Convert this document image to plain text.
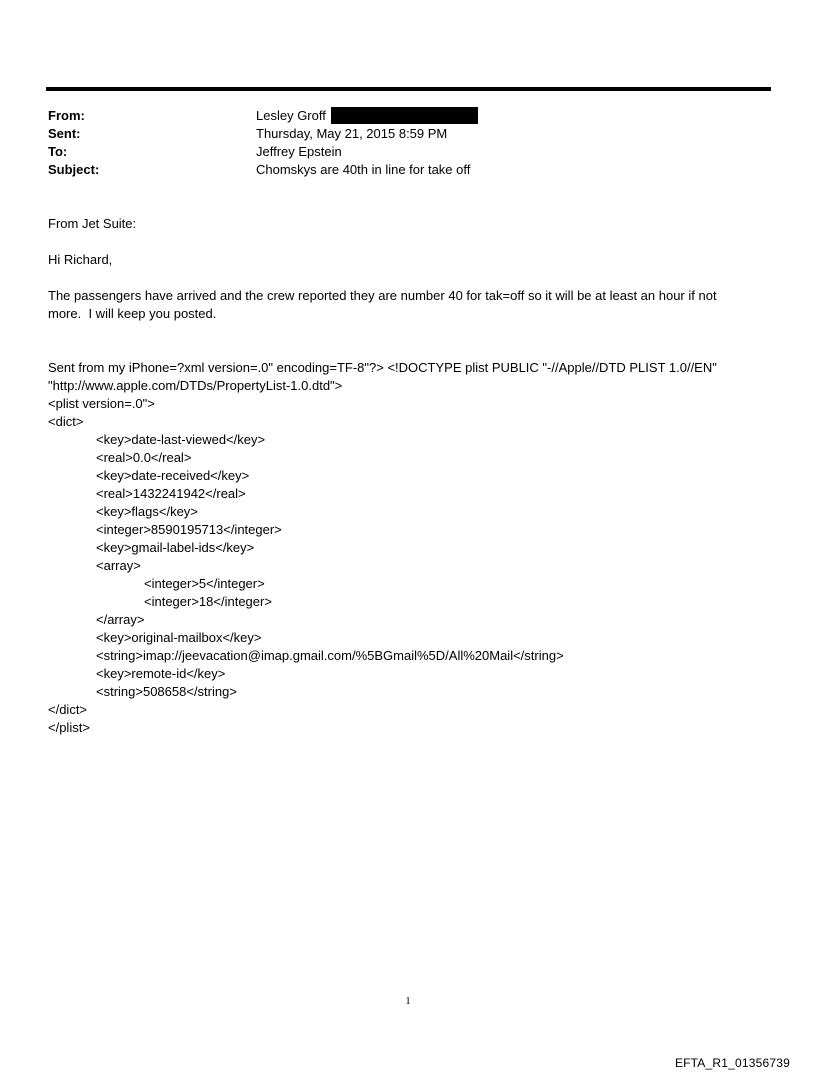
From:	Lesley Groff
Sent:	Thursday, May 21, 2015 8:59 PM
To:	Jeffrey Epstein
Subject:	Chomskys are 40th in line for take off
From Jet Suite:
Hi Richard,
The passengers have arrived and the crew reported they are number 40 for tak=off so it will be at least an hour if not
more.  I will keep you posted.
Sent from my iPhone=?xml version=.0" encoding=TF-8"?> <!DOCTYPE plist PUBLIC "-//Apple//DTD PLIST 1.0//EN"
"http://www.apple.com/DTDs/PropertyList-1.0.dtd">
<plist version=.0">
<dict>
<key>date-last-viewed</key>
<real>0.0</real>
<key>date-received</key>
<real>1432241942</real>
<key>flags</key>
<integer>8590195713</integer>
<key>gmail-label-ids</key>
<array>
<integer>5</integer>
<integer>18</integer>
</array>
<key>original-mailbox</key>
<string>imap://jeevacation@imap.gmail.com/%5BGmail%5D/All%20Mail</string>
<key>remote-id</key>
<string>508658</string>
</dict>
</plist>
1
EFTA_R1_01356739
